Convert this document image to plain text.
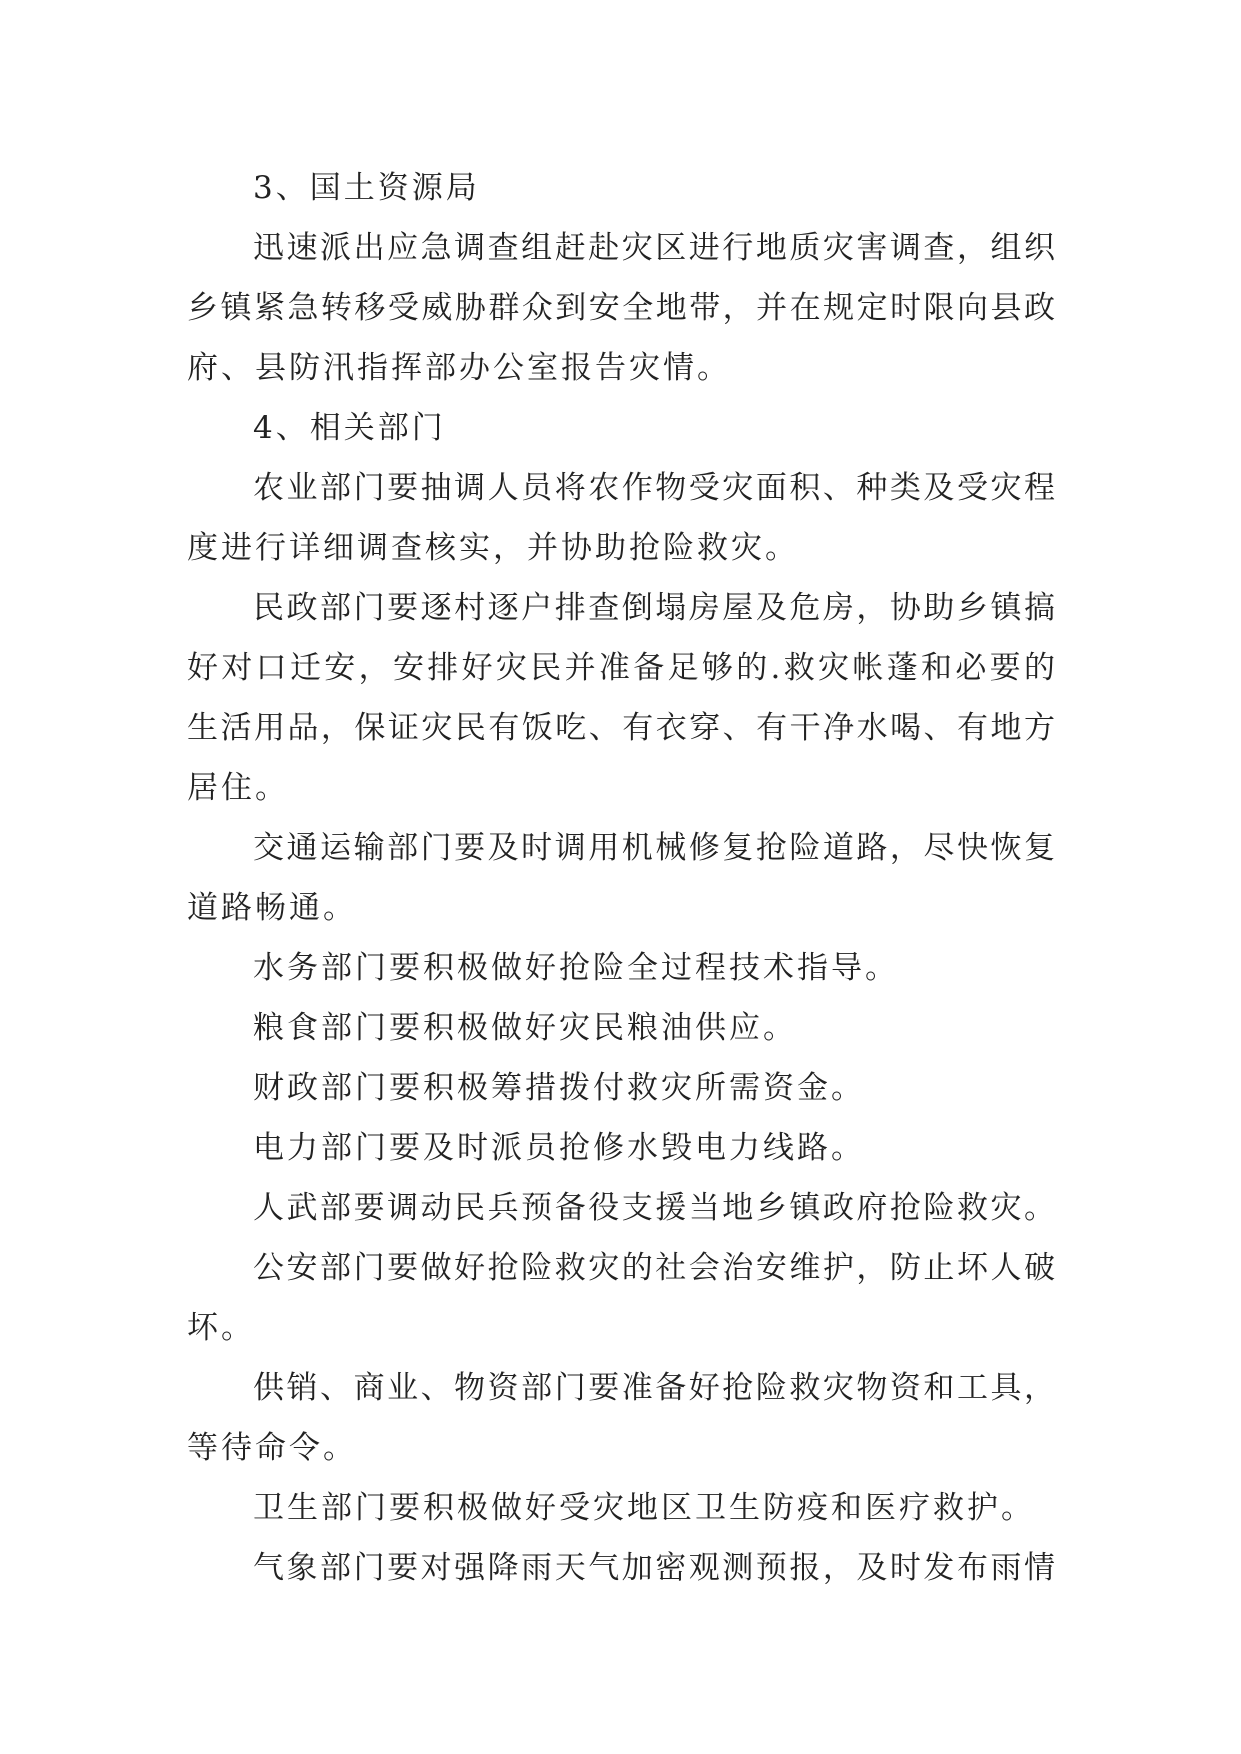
3、国土资源局
迅速派出应急调查组赶赴灾区进行地质灾害调查，组织
乡镇紧急转移受威胁群众到安全地带，并在规定时限向县政
府、县防汛指挥部办公室报告灾情。
4、相关部门
农业部门要抽调人员将农作物受灾面积、种类及受灾程
度进行详细调查核实，并协助抢险救灾。
民政部门要逐村逐户排查倒塌房屋及危房，协助乡镇搞
好对口迁安，安排好灾民并准备足够的.救灾帐蓬和必要的
生活用品，保证灾民有饭吃、有衣穿、有干净水喝、有地方
居住。
交通运输部门要及时调用机械修复抢险道路，尽快恢复
道路畅通。
水务部门要积极做好抢险全过程技术指导。
粮食部门要积极做好灾民粮油供应。
财政部门要积极筹措拨付救灾所需资金。
电力部门要及时派员抢修水毁电力线路。
人武部要调动民兵预备役支援当地乡镇政府抢险救灾。
公安部门要做好抢险救灾的社会治安维护，防止坏人破
坏。
供销、商业、物资部门要准备好抢险救灾物资和工具，
等待命令。
卫生部门要积极做好受灾地区卫生防疫和医疗救护。
气象部门要对强降雨天气加密观测预报，及时发布雨情
